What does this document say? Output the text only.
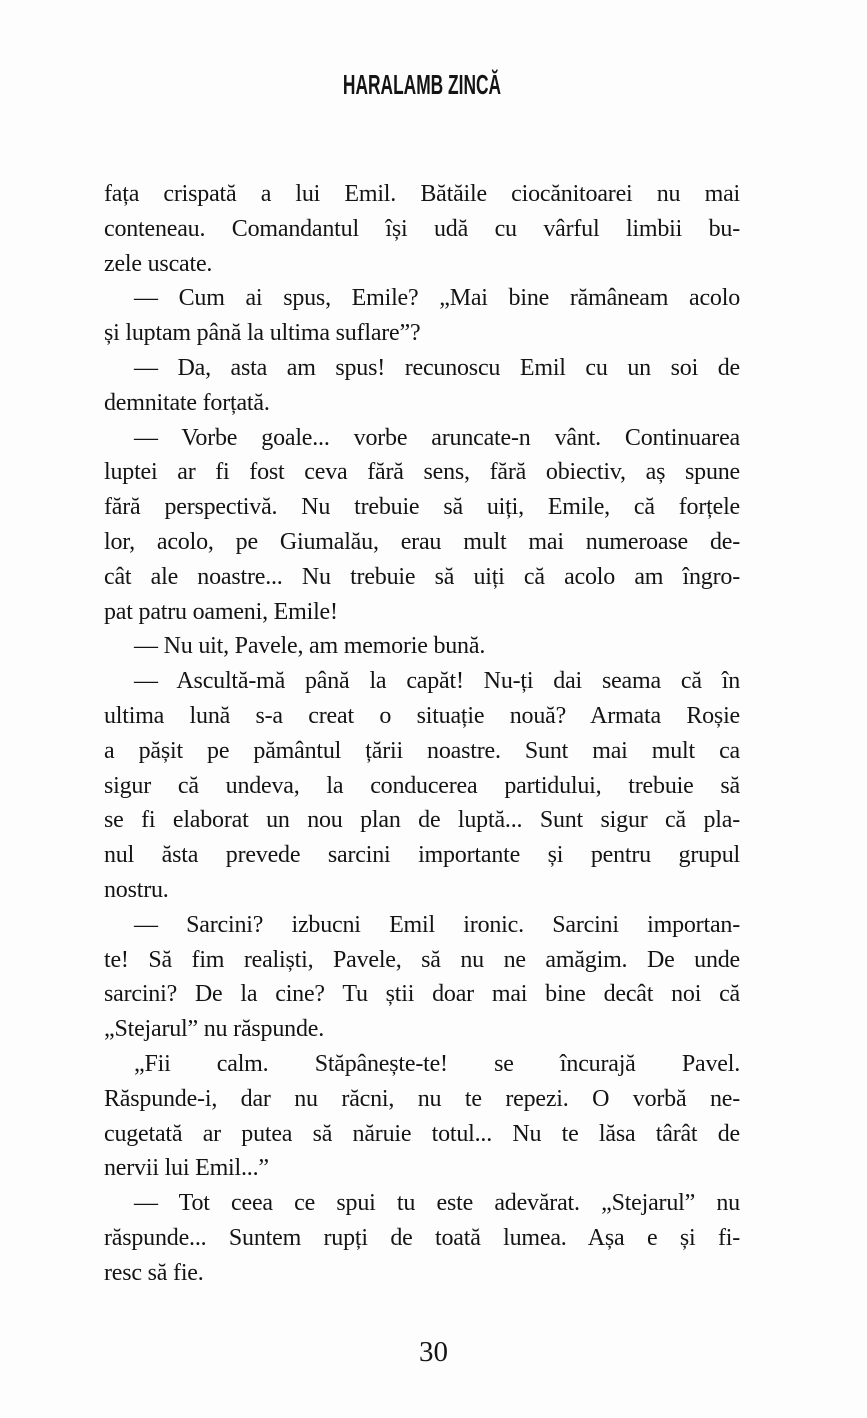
HARALAMB ZINCĂ
fața crispată a lui Emil. Bătăile ciocănitoarei nu mai
conteneau. Comandantul își udă cu vârful limbii bu-
zele uscate.
— Cum ai spus, Emile? „Mai bine rămâneam acolo
și luptam până la ultima suflare”?
— Da, asta am spus! recunoscu Emil cu un soi de
demnitate forțată.
— Vorbe goale... vorbe aruncate-n vânt. Continuarea
luptei ar fi fost ceva fără sens, fără obiectiv, aș spune
fără perspectivă. Nu trebuie să uiți, Emile, că forțele
lor, acolo, pe Giumalău, erau mult mai numeroase de-
cât ale noastre... Nu trebuie să uiți că acolo am îngro-
pat patru oameni, Emile!
— Nu uit, Pavele, am memorie bună.
— Ascultă-mă până la capăt! Nu-ți dai seama că în
ultima lună s-a creat o situație nouă? Armata Roșie
a pășit pe pământul țării noastre. Sunt mai mult ca
sigur că undeva, la conducerea partidului, trebuie să
se fi elaborat un nou plan de luptă... Sunt sigur că pla-
nul ăsta prevede sarcini importante și pentru grupul
nostru.
— Sarcini? izbucni Emil ironic. Sarcini importan-
te! Să fim realiști, Pavele, să nu ne amăgim. De unde
sarcini? De la cine? Tu știi doar mai bine decât noi că
„Stejarul” nu răspunde.
„Fii calm. Stăpânește-te! se încurajă Pavel.
Răspunde-i, dar nu răcni, nu te repezi. O vorbă ne-
cugetată ar putea să năruie totul... Nu te lăsa târât de
nervii lui Emil...”
— Tot ceea ce spui tu este adevărat. „Stejarul” nu
răspunde... Suntem rupți de toată lumea. Așa e și fi-
resc să fie.
30
